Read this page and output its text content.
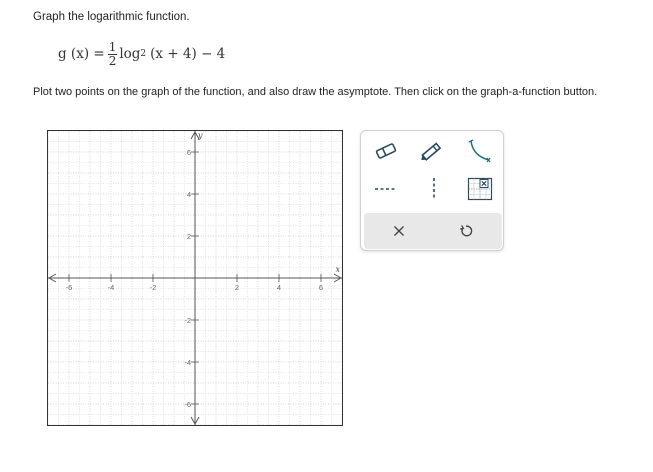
Graph the logarithmic function.
g $(x) = \frac{1}{2}$ log 2 (x + 4) − 4
Plot two points on the graph of the function, and also draw the asymptote. Then click on the graph-a-function button.
-6	-4	-2	2	4	6
6
4
2
-2
-4
-6
x
y
